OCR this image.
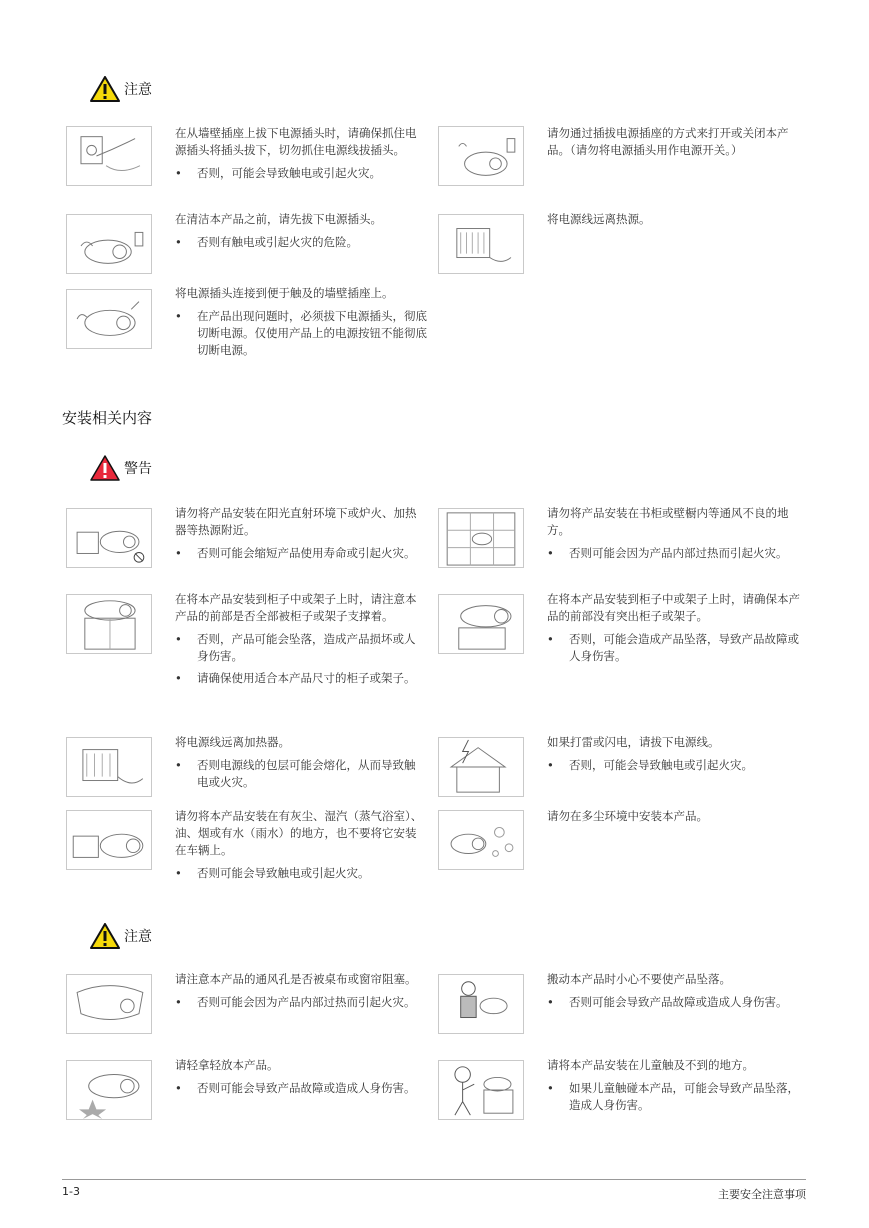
注意

在从墙壁插座上拔下电源插头时，请确保抓住电源插头将插头拔下，切勿抓住电源线拔插头。

• 否则，可能会导致触电或引起火灾。

请勿通过插拔电源插座的方式来打开或关闭本产品。（请勿将电源插头用作电源开关。）

在清洁本产品之前，请先拔下电源插头。

• 否则有触电或引起火灾的危险。

将电源线远离热源。

将电源插头连接到便于触及的墙壁插座上。

• 在产品出现问题时，必须拔下电源插头，彻底切断电源。仅使用产品上的电源按钮不能彻底切断电源。
安装相关内容
警告

请勿将产品安装在阳光直射环境下或炉火、加热器等热源附近。

• 否则可能会缩短产品使用寿命或引起火灾。

请勿将产品安装在书柜或壁橱内等通风不良的地方。

• 否则可能会因为产品内部过热而引起火灾。

在将本产品安装到柜子中或架子上时，请注意本产品的前部是否全部被柜子或架子支撑着。

• 否则，产品可能会坠落，造成产品损坏或人身伤害。
• 请确保使用适合本产品尺寸的柜子或架子。

在将本产品安装到柜子中或架子上时，请确保本产品的前部没有突出柜子或架子。

• 否则，可能会造成产品坠落，导致产品故障或人身伤害。

将电源线远离加热器。

• 否则电源线的包层可能会熔化，从而导致触电或火灾。

如果打雷或闪电，请拔下电源线。

• 否则，可能会导致触电或引起火灾。

请勿将本产品安装在有灰尘、湿汽（蒸气浴室）、油、烟或有水（雨水）的地方，也不要将它安装在车辆上。

• 否则可能会导致触电或引起火灾。

请勿在多尘环境中安装本产品。

注意

请注意本产品的通风孔是否被桌布或窗帘阻塞。

• 否则可能会因为产品内部过热而引起火灾。

搬动本产品时小心不要使产品坠落。

• 否则可能会导致产品故障或造成人身伤害。

请轻拿轻放本产品。

• 否则可能会导致产品故障或造成人身伤害。

请将本产品安装在儿童触及不到的地方。

• 如果儿童触碰本产品，可能会导致产品坠落，造成人身伤害。
1-3	主要安全注意事项
